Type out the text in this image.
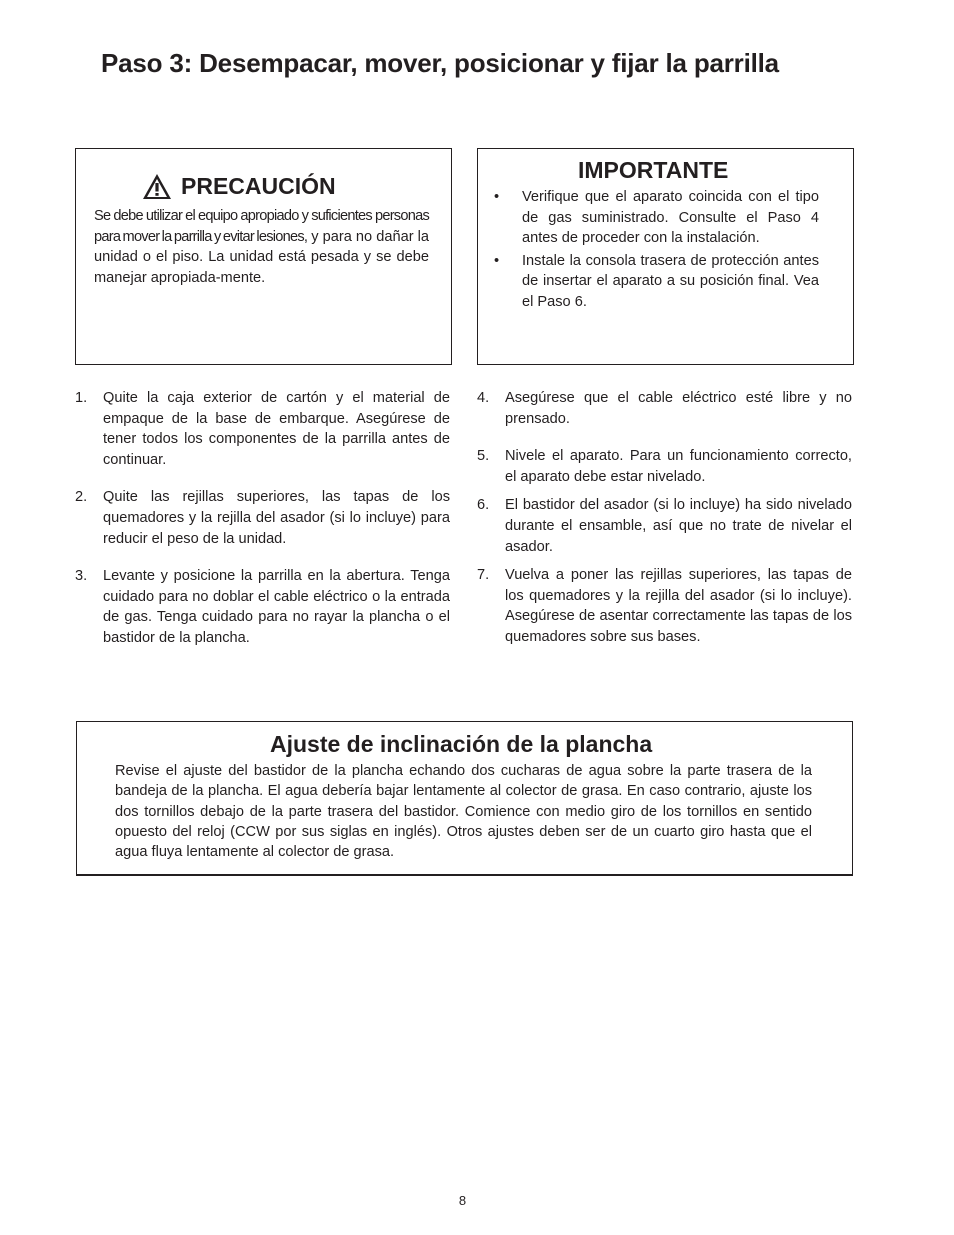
Paso 3: Desempacar, mover, posicionar y fijar la parrilla
PRECAUCIÓN

Se debe utilizar el equipo apropiado y suficientes personas para mover la parrilla y evitar lesiones, y para no dañar la unidad o el piso. La unidad está pesada y se debe manejar apropiada-mente.

IMPORTANTE
• Verifique que el aparato coincida con el tipo de gas suministrado. Consulte el Paso 4 antes de proceder con la instalación.
• Instale la consola trasera de protección antes de insertar el aparato a su posición final. Vea el Paso 6.
1. Quite la caja exterior de cartón y el material de empaque de la base de embarque. Asegúrese de tener todos los componentes de la parrilla antes de continuar.
2. Quite las rejillas superiores, las tapas de los quemadores y la rejilla del asador (si lo incluye) para reducir el peso de la unidad.
3. Levante y posicione la parrilla en la abertura. Tenga cuidado para no doblar el cable eléctrico o la entrada de gas. Tenga cuidado para no rayar la plancha o el bastidor de la plancha.
4. Asegúrese que el cable eléctrico esté libre y no prensado.
5. Nivele el aparato. Para un funcionamiento correcto, el aparato debe estar nivelado.
6. El bastidor del asador (si lo incluye) ha sido nivelado durante el ensamble, así que no trate de nivelar el asador.
7. Vuelva a poner las rejillas superiores, las tapas de los quemadores y la rejilla del asador (si lo incluye). Asegúrese de asentar correctamente las tapas de los quemadores sobre sus bases.
Ajuste de inclinación de la plancha

Revise el ajuste del bastidor de la plancha echando dos cucharas de agua sobre la parte trasera de la bandeja de la plancha. El agua debería bajar lentamente al colector de grasa. En caso contrario, ajuste los dos tornillos debajo de la parte trasera del bastidor. Comience con medio giro de los tornillos en sentido opuesto del reloj (CCW por sus siglas en inglés). Otros ajustes deben ser de un cuarto giro hasta que el agua fluya lentamente al colector de grasa.

8
